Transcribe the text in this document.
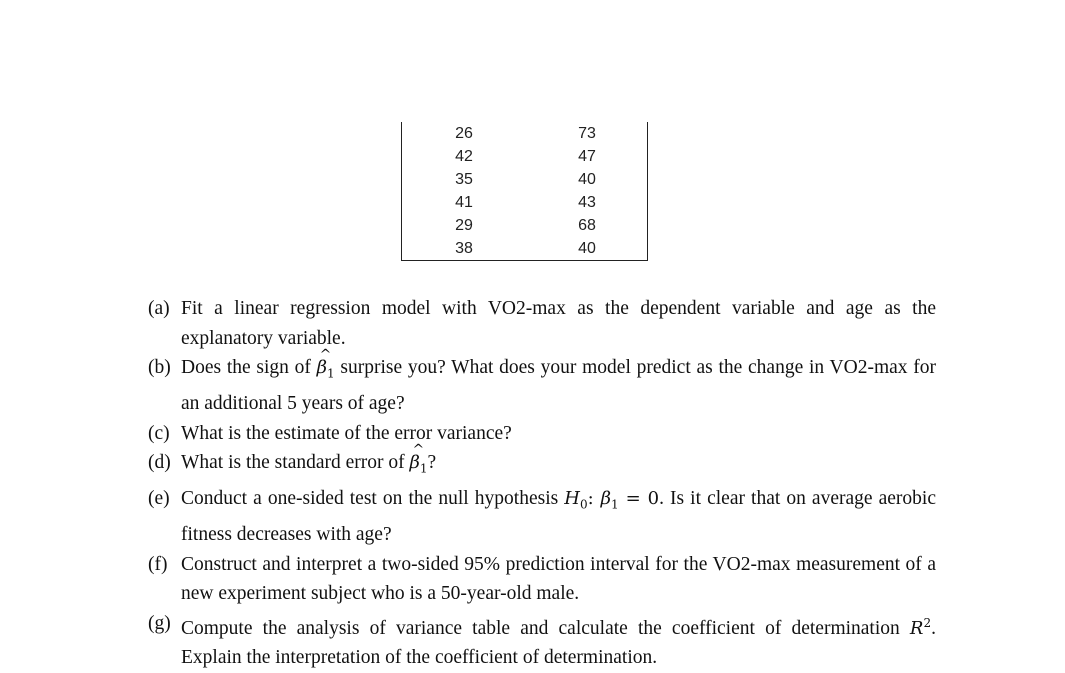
26	73
42	47
35	40
41	43
29	68
38	40
(a) Fit a linear regression model with VO2-max as the dependent variable and age as the explanatory variable.
(b) Does the sign of ^ $\beta_1$ surprise you? What does your model predict as the change in VO2-max for an additional 5 years of age?
(c) What is the estimate of the error variance?
(d) What is the standard error of ^ $\beta_1$?
(e) Conduct a one-sided test on the null hypothesis $H_0$: $\beta_1 = 0$. Is it clear that on average aerobic fitness decreases with age?
(f) Construct and interpret a two-sided 95% prediction interval for the VO2-max measurement of a new experiment subject who is a 50-year-old male.
(g) Compute the analysis of variance table and calculate the coefficient of determination $R^2$. Explain the interpretation of the coefficient of determination.
